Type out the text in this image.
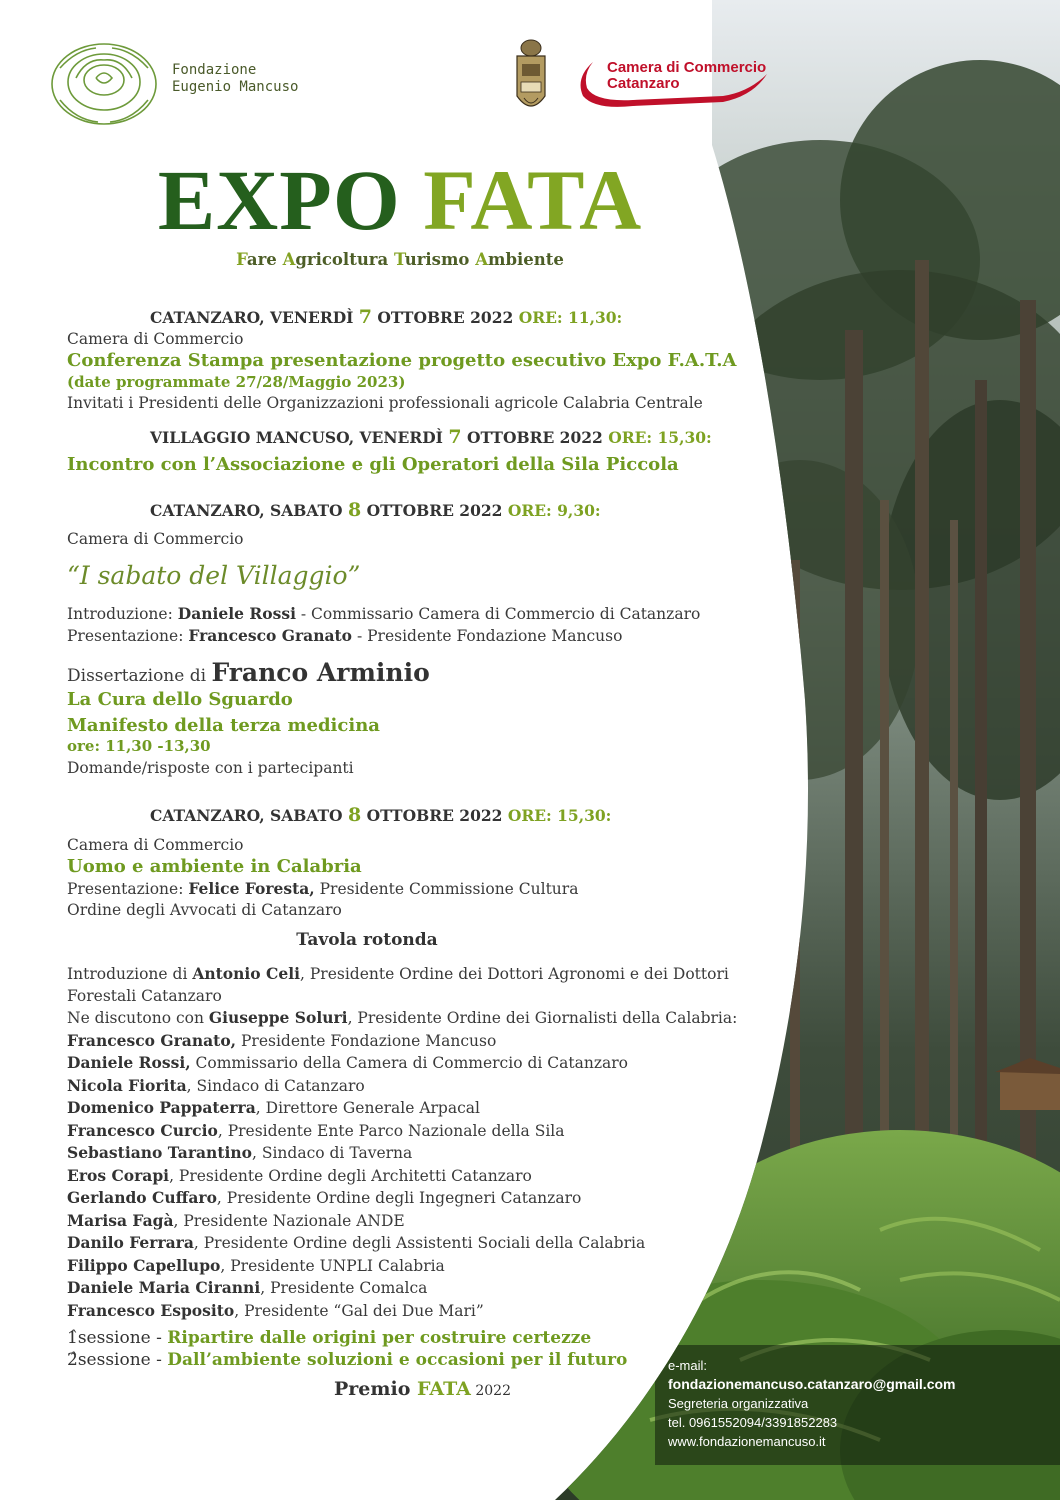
Fondazione
Eugenio Mancuso
Camera di Commercio
Catanzaro
EXPO FATA
Fare Agricoltura Turismo Ambiente

CATANZARO, VENERDÌ 7 OTTOBRE 2022 ORE: 11,30:

Camera di Commercio

Conferenza Stampa presentazione progetto esecutivo Expo F.A.T.A

(date programmate 27/28/Maggio 2023)

Invitati i Presidenti delle Organizzazioni professionali agricole Calabria Centrale

VILLAGGIO MANCUSO, VENERDÌ 7 OTTOBRE 2022 ORE: 15,30:

Incontro con l’Associazione e gli Operatori della Sila Piccola

CATANZARO, SABATO 8 OTTOBRE 2022 ORE: 9,30:

Camera di Commercio

“I sabato del Villaggio”

Introduzione: Daniele Rossi - Commissario Camera di Commercio di Catanzaro

Presentazione: Francesco Granato - Presidente Fondazione Mancuso

Dissertazione di Franco Arminio

La Cura dello Sguardo

Manifesto della terza medicina

ore: 11,30 -13,30

Domande/risposte con i partecipanti

CATANZARO, SABATO 8 OTTOBRE 2022 ORE: 15,30:

Camera di Commercio

Uomo e ambiente in Calabria

Presentazione: Felice Foresta, Presidente Commissione Cultura

Ordine degli Avvocati di Catanzaro

Tavola rotonda

Introduzione di Antonio Celi, Presidente Ordine dei Dottori Agronomi e dei Dottori

Forestali Catanzaro

Ne discutono con Giuseppe Soluri, Presidente Ordine dei Giornalisti della Calabria:

Francesco Granato, Presidente Fondazione Mancuso

Daniele Rossi, Commissario della Camera di Commercio di Catanzaro

Nicola Fiorita, Sindaco di Catanzaro

Domenico Pappaterra, Direttore Generale Arpacal

Francesco Curcio, Presidente Ente Parco Nazionale della Sila

Sebastiano Tarantino, Sindaco di Taverna

Eros Corapi, Presidente Ordine degli Architetti Catanzaro

Gerlando Cuffaro, Presidente Ordine degli Ingegneri Catanzaro

Marisa Fagà, Presidente Nazionale ANDE

Danilo Ferrara, Presidente Ordine degli Assistenti Sociali della Calabria

Filippo Capellupo, Presidente UNPLI Calabria

Daniele Maria Ciranni, Presidente Comalca

Francesco Esposito, Presidente “Gal dei Due Mari”

1sessione - Ripartire dalle origini per costruire certezze

2sessione - Dall’ambiente soluzioni e occasioni per il futuro

Premio FATA 2022

e-mail:
fondazionemancuso.catanzaro@gmail.com
Segreteria organizzativa
tel. 0961552094/3391852283
www.fondazionemancuso.it
